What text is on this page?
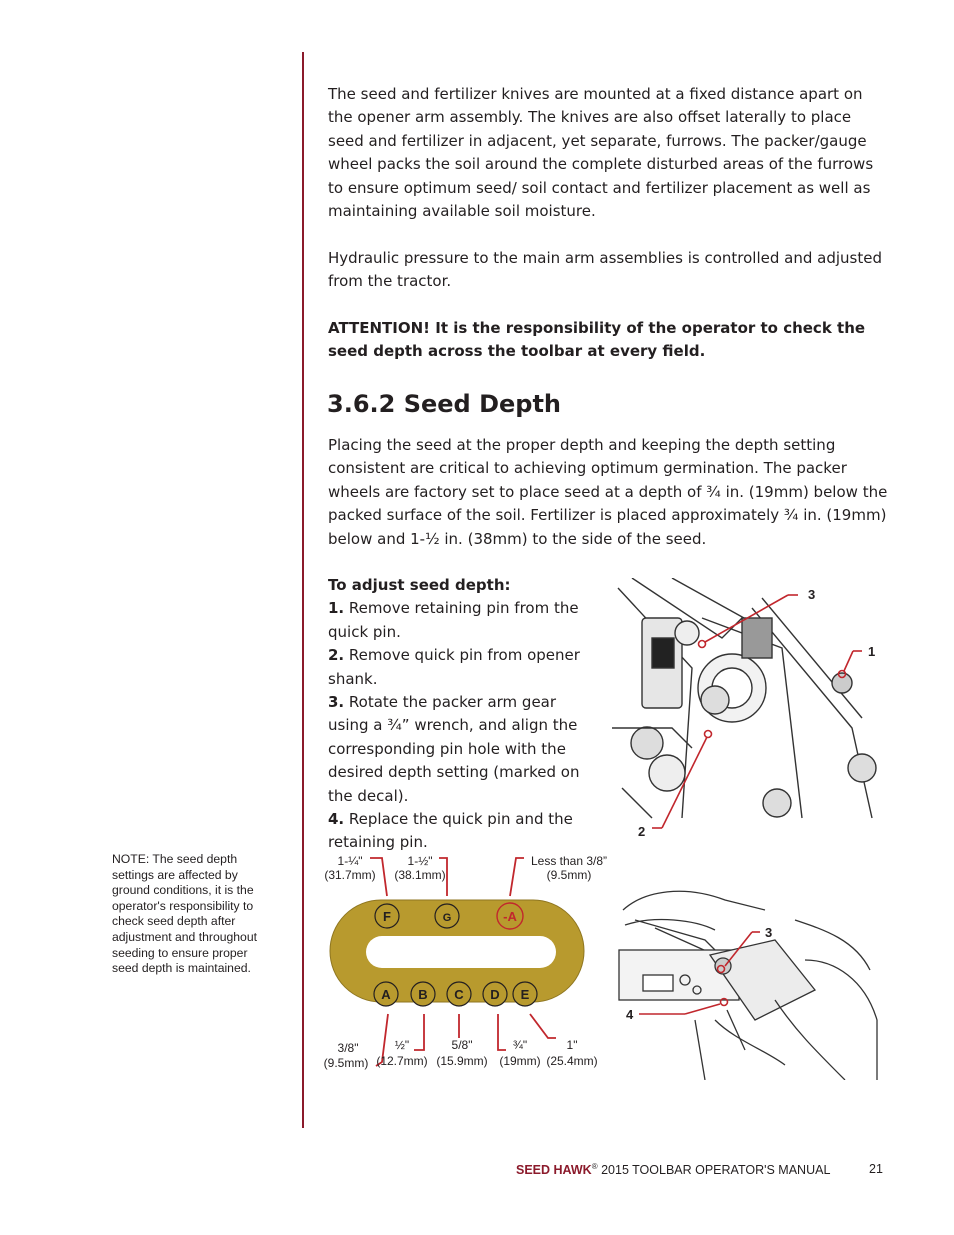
The seed and fertilizer knives are mounted at a fixed distance apart on the opener arm assembly. The knives are also offset laterally to place seed and fertilizer in adjacent, yet separate, furrows. The packer/gauge wheel packs the soil around the complete disturbed areas of the furrows to ensure optimum seed/ soil contact and fertilizer placement as well as maintaining available soil moisture.

Hydraulic pressure to the main arm assemblies is controlled and adjusted from the tractor.

ATTENTION! It is the responsibility of the operator to check the seed depth across the toolbar at every field.

3.6.2 Seed Depth

Placing the seed at the proper depth and keeping the depth setting consistent are critical to achieving optimum germination. The packer wheels are factory set to place seed at a depth of ¾ in. (19mm) below the packed surface of the soil. Fertilizer is placed approximately ¾ in. (19mm) below and 1-½ in. (38mm) to the side of the seed.

To adjust seed depth:
1. Remove retaining pin from the quick pin.
2. Remove quick pin from opener shank.
3. Rotate the packer arm gear using a ¾” wrench, and align the corresponding pin hole with the desired depth setting (marked on the decal).
4. Replace the quick pin and the retaining pin.
NOTE: The seed depth settings are affected by ground conditions, it is the operator's responsibility to check seed depth after adjustment and throughout seeding to ensure proper seed depth is maintained.
3
1
2
F	G	-A
A B C D E
1-¼"
(31.7mm)
1-½"
(38.1mm)
Less than 3/8”
(9.5mm)
3/8"
(9.5mm)
½"
(12.7mm)
5/8"
(15.9mm)
¾"
(19mm)
1"
(25.4mm)
3
4
SEED HAWK® 2015 TOOLBAR OPERATOR'S MANUAL	21
